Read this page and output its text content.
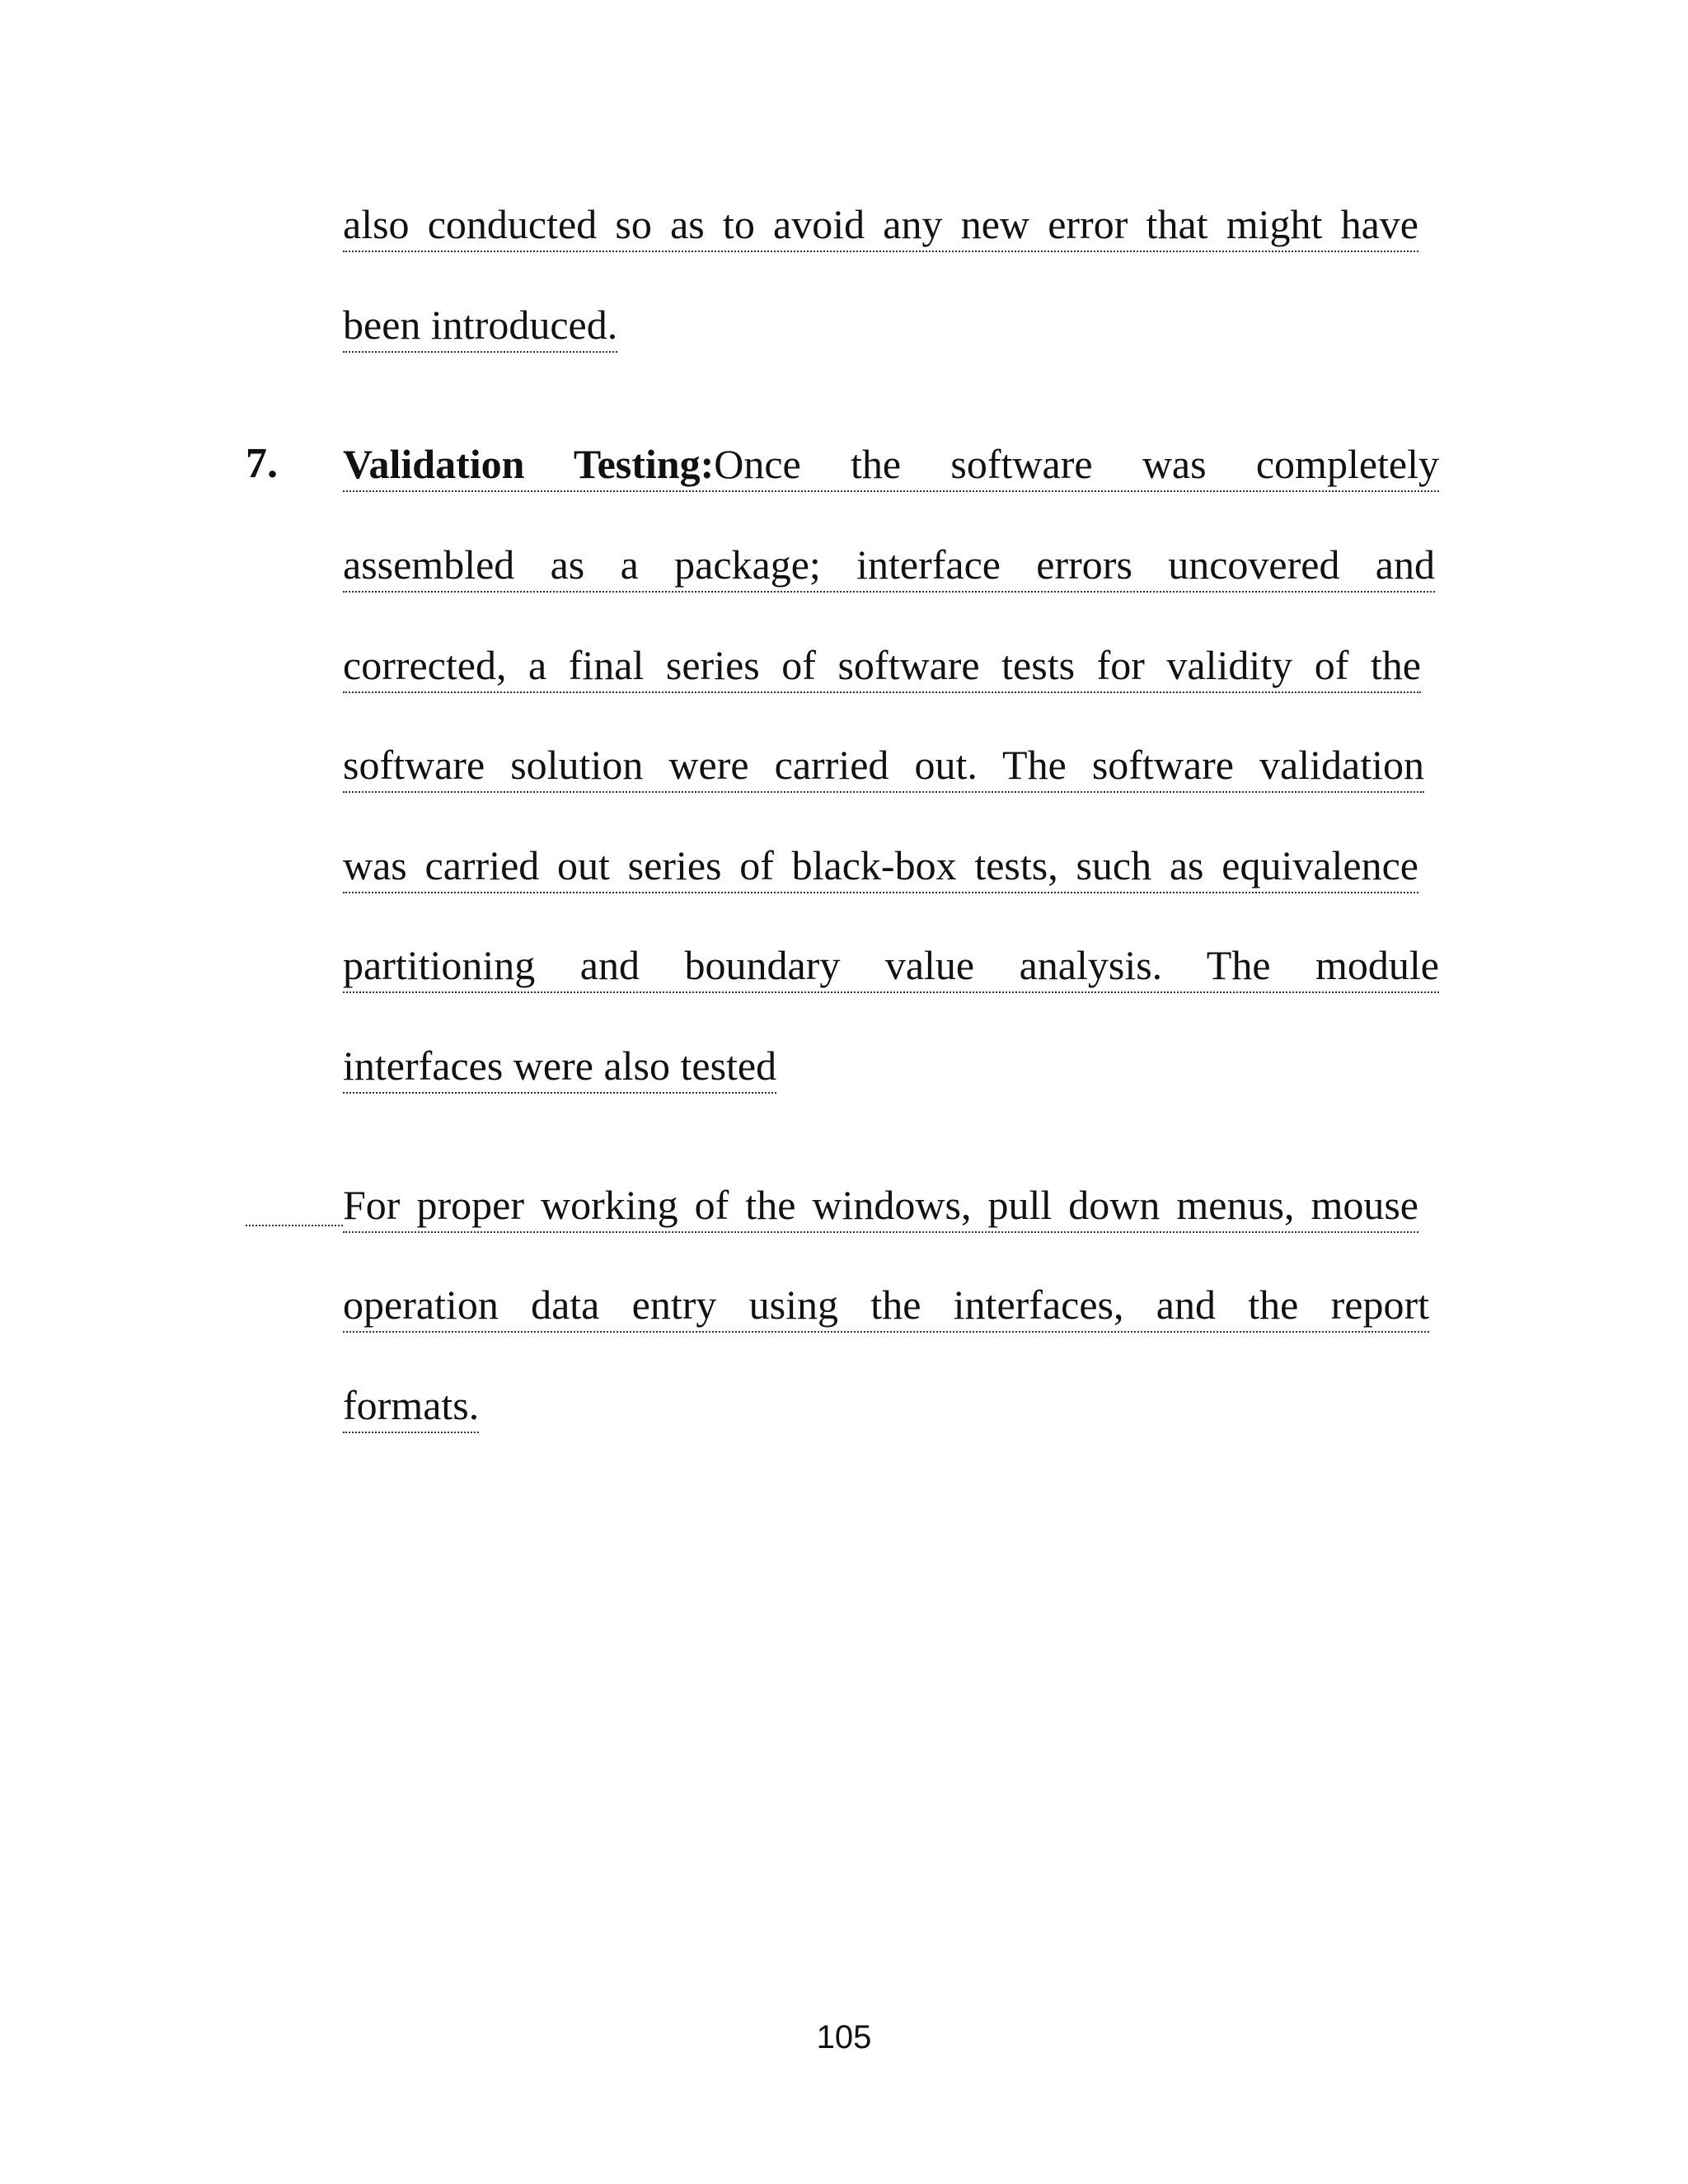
also conducted so as to avoid any new error that might have
been introduced.
7. Validation Testing:Once the software was completely
assembled as a package; interface errors uncovered and
corrected, a final series of software tests for validity of the
software solution were carried out. The software validation
was carried out series of black-box tests, such as equivalence
partitioning and boundary value analysis. The module
interfaces were also tested
For proper working of the windows, pull down menus, mouse
operation data entry using the interfaces, and the report
formats.
105
